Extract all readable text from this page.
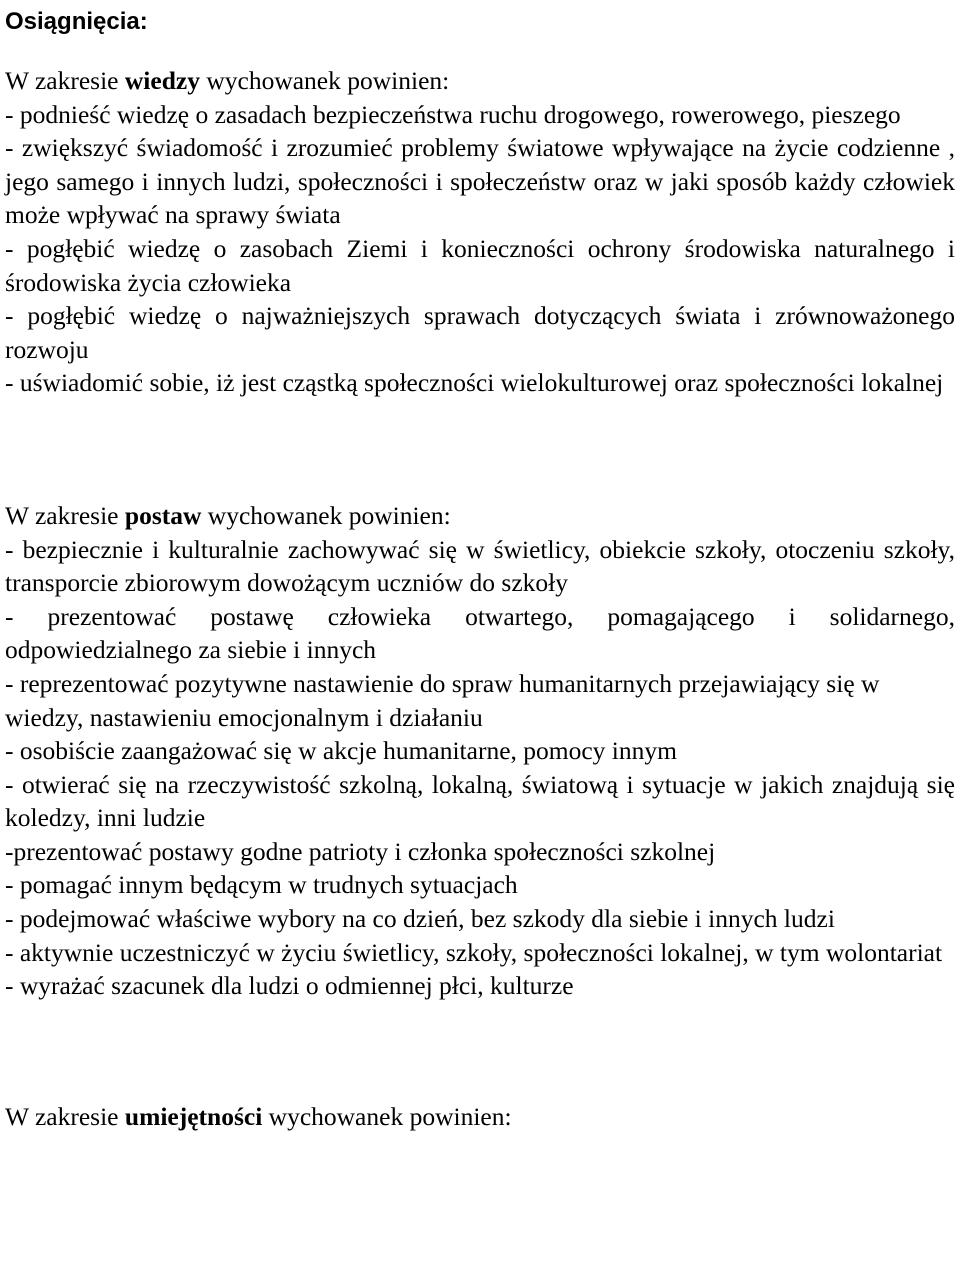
Osiągnięcia:

W zakresie wiedzy wychowanek powinien:

- podnieść wiedzę o zasadach bezpieczeństwa ruchu drogowego, rowerowego, pieszego
- zwiększyć świadomość i zrozumieć problemy światowe wpływające na życie codzienne , jego samego i innych ludzi, społeczności i społeczeństw oraz w jaki sposób każdy człowiek może wpływać na sprawy świata
- pogłębić wiedzę o zasobach Ziemi i konieczności ochrony środowiska naturalnego i środowiska życia człowieka
- pogłębić wiedzę o najważniejszych sprawach dotyczących świata i zrównoważonego rozwoju
- uświadomić sobie, iż jest cząstką społeczności wielokulturowej oraz społeczności lokalnej

W zakresie postaw wychowanek powinien:

- bezpiecznie i kulturalnie zachowywać się w świetlicy, obiekcie szkoły, otoczeniu szkoły, transporcie zbiorowym dowożącym uczniów do szkoły
- prezentować postawę człowieka otwartego, pomagającego i solidarnego, odpowiedzialnego za siebie i innych
- reprezentować pozytywne nastawienie do spraw humanitarnych przejawiający się w wiedzy, nastawieniu emocjonalnym i działaniu
- osobiście zaangażować się w akcje humanitarne, pomocy innym
- otwierać się na rzeczywistość szkolną, lokalną, światową i sytuacje w jakich znajdują się koledzy, inni ludzie
-prezentować postawy godne patrioty i członka społeczności szkolnej
- pomagać innym będącym w trudnych sytuacjach
- podejmować właściwe wybory na co dzień, bez szkody dla siebie i innych ludzi
- aktywnie uczestniczyć w życiu świetlicy, szkoły, społeczności lokalnej, w tym wolontariat
- wyrażać szacunek dla ludzi o odmiennej płci, kulturze

W zakresie umiejętności wychowanek powinien:
